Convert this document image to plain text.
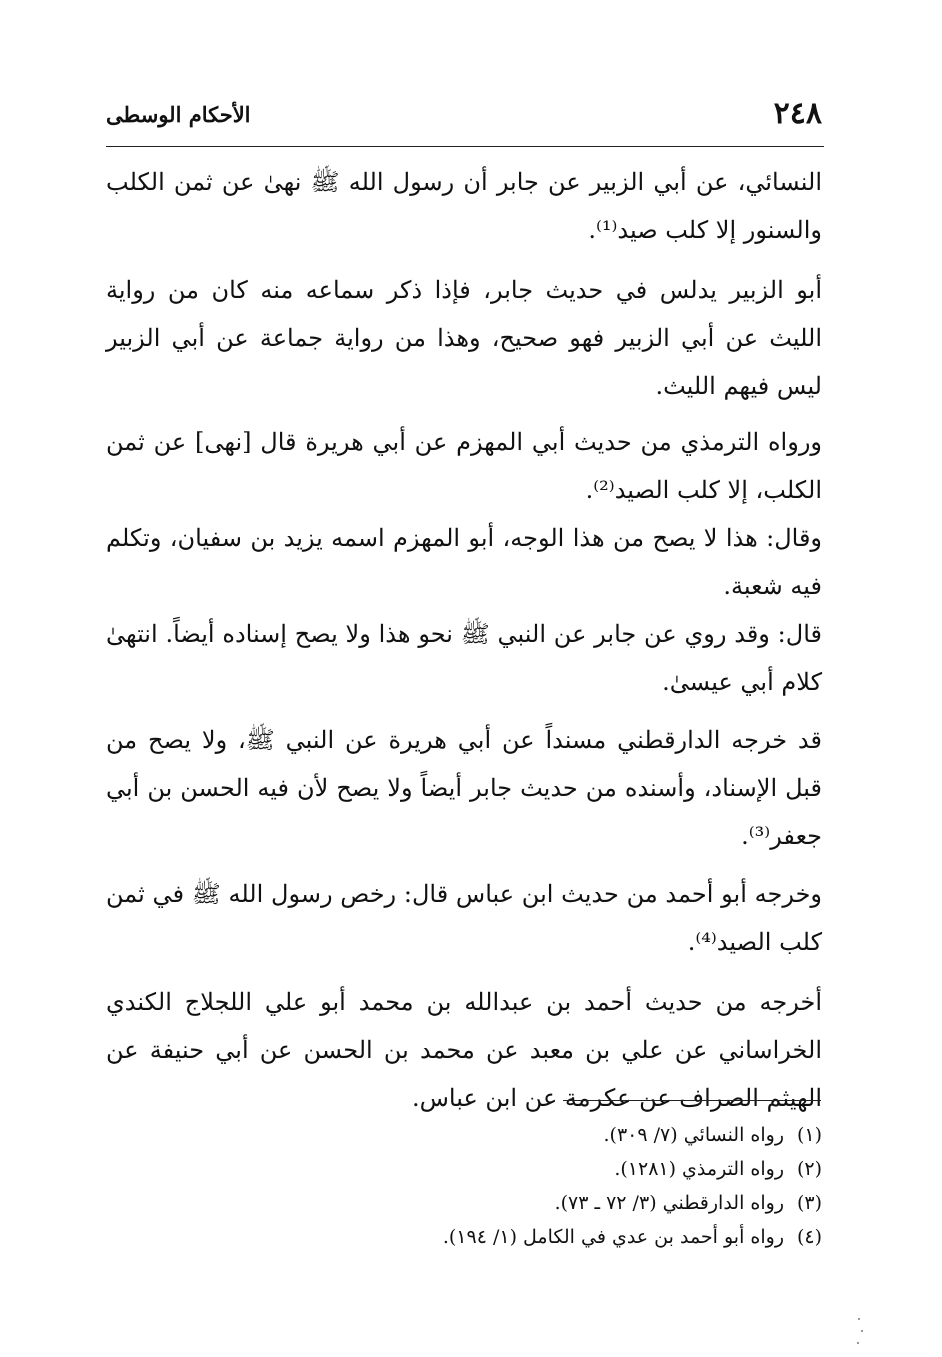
الأحكام الوسطى	٢٤٨

النسائي، عن أبي الزبير عن جابر أن رسول الله ﷺ نهىٰ عن ثمن الكلب والسنور إلا كلب صيد⁽¹⁾.

أبو الزبير يدلس في حديث جابر، فإذا ذكر سماعه منه كان من رواية الليث عن أبي الزبير فهو صحيح، وهذا من رواية جماعة عن أبي الزبير ليس فيهم الليث.

ورواه الترمذي من حديث أبي المهزم عن أبي هريرة قال [نهى] عن ثمن الكلب، إلا كلب الصيد⁽²⁾.

وقال: هذا لا يصح من هذا الوجه، أبو المهزم اسمه يزيد بن سفيان، وتكلم فيه شعبة.

قال: وقد روي عن جابر عن النبي ﷺ نحو هذا ولا يصح إسناده أيضاً. انتهىٰ كلام أبي عيسىٰ.

قد خرجه الدارقطني مسنداً عن أبي هريرة عن النبي ﷺ، ولا يصح من قبل الإسناد، وأسنده من حديث جابر أيضاً ولا يصح لأن فيه الحسن بن أبي جعفر⁽³⁾.

وخرجه أبو أحمد من حديث ابن عباس قال: رخص رسول الله ﷺ في ثمن كلب الصيد⁽⁴⁾.

أخرجه من حديث أحمد بن عبدالله بن محمد أبو علي اللجلاج الكندي الخراساني عن علي بن معبد عن محمد بن الحسن عن أبي حنيفة عن الهيثم الصراف عن عكرمة عن ابن عباس.

(١)رواه النسائي (٧/ ٣٠٩).
(٢)رواه الترمذي (١٢٨١).
(٣)رواه الدارقطني (٣/ ٧٢ ـ ٧٣).
(٤)رواه أبو أحمد بن عدي في الكامل (١/ ١٩٤).
